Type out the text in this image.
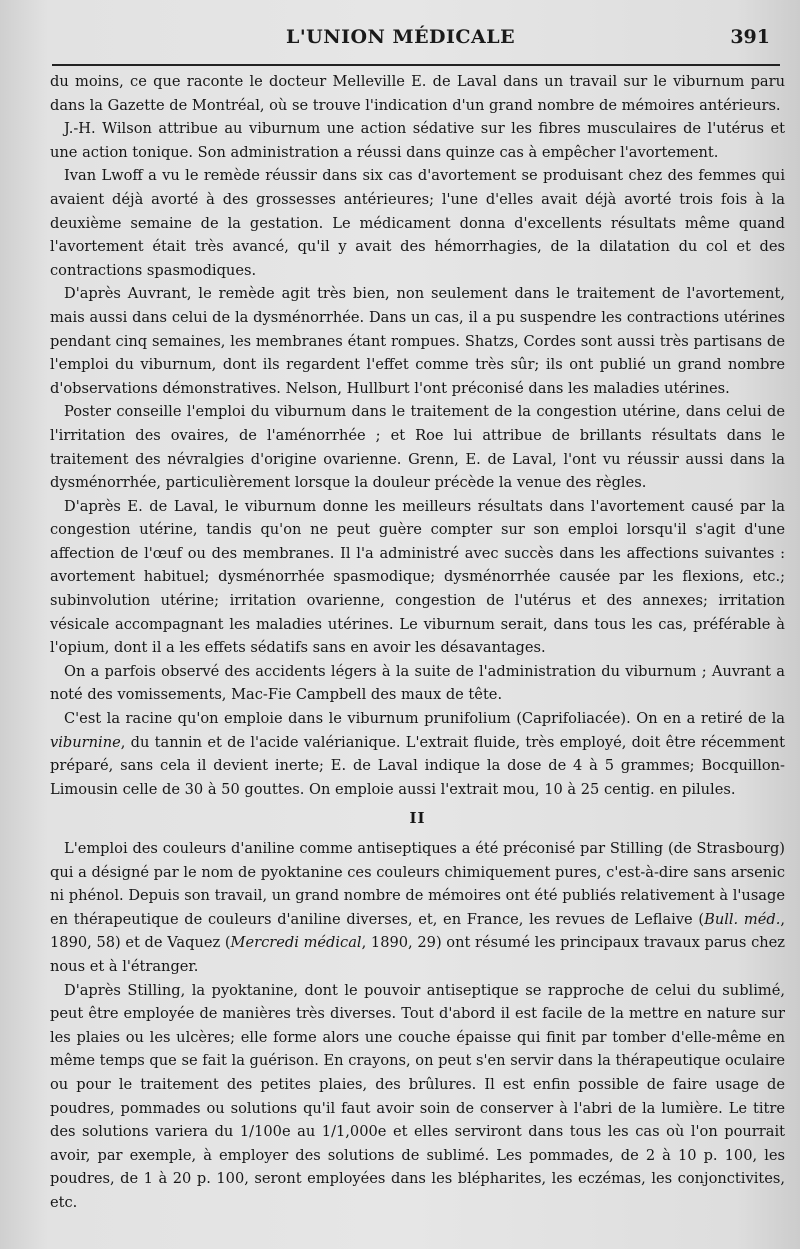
L'UNION MÉDICALE	391

du moins, ce que raconte le docteur Melleville E. de Laval dans un travail sur le viburnum paru dans la Gazette de Montréal, où se trouve l'indication d'un grand nombre de mémoires antérieurs.

J.-H. Wilson attribue au viburnum une action sédative sur les fibres musculaires de l'utérus et une action tonique. Son administration a réussi dans quinze cas à empêcher l'avortement.

Ivan Lwoff a vu le remède réussir dans six cas d'avortement se produisant chez des femmes qui avaient déjà avorté à des grossesses antérieures; l'une d'elles avait déjà avorté trois fois à la deuxième semaine de la gestation. Le médicament donna d'excellents résultats même quand l'avortement était très avancé, qu'il y avait des hémorrhagies, de la dilatation du col et des contractions spasmodiques.

D'après Auvrant, le remède agit très bien, non seulement dans le traitement de l'avortement, mais aussi dans celui de la dysménorrhée. Dans un cas, il a pu suspendre les contractions utérines pendant cinq semaines, les membranes étant rompues. Shatzs, Cordes sont aussi très partisans de l'emploi du viburnum, dont ils regardent l'effet comme très sûr; ils ont publié un grand nombre d'observations démonstratives. Nelson, Hullburt l'ont préconisé dans les maladies utérines.

Poster conseille l'emploi du viburnum dans le traitement de la congestion utérine, dans celui de l'irritation des ovaires, de l'aménorrhée ; et Roe lui attribue de brillants résultats dans le traitement des névralgies d'origine ovarienne. Grenn, E. de Laval, l'ont vu réussir aussi dans la dysménorrhée, particulièrement lorsque la douleur précède la venue des règles.

D'après E. de Laval, le viburnum donne les meilleurs résultats dans l'avortement causé par la congestion utérine, tandis qu'on ne peut guère compter sur son emploi lorsqu'il s'agit d'une affection de l'œuf ou des membranes. Il l'a administré avec succès dans les affections suivantes : avortement habituel; dysménorrhée spasmodique; dysménorrhée causée par les flexions, etc.; subinvolution utérine; irritation ovarienne, congestion de l'utérus et des annexes; irritation vésicale accompagnant les maladies utérines. Le viburnum serait, dans tous les cas, préférable à l'opium, dont il a les effets sédatifs sans en avoir les désavantages.

On a parfois observé des accidents légers à la suite de l'administration du viburnum ; Auvrant a noté des vomissements, Mac-Fie Campbell des maux de tête.

C'est la racine qu'on emploie dans le viburnum prunifolium (Caprifoliacée). On en a retiré de la viburnine, du tannin et de l'acide valérianique. L'extrait fluide, très employé, doit être récemment préparé, sans cela il devient inerte; E. de Laval indique la dose de 4 à 5 grammes; Bocquillon-Limousin celle de 30 à 50 gouttes. On emploie aussi l'extrait mou, 10 à 25 centig. en pilules.

II

L'emploi des couleurs d'aniline comme antiseptiques a été préconisé par Stilling (de Strasbourg) qui a désigné par le nom de pyoktanine ces couleurs chimiquement pures, c'est-à-dire sans arsenic ni phénol. Depuis son travail, un grand nombre de mémoires ont été publiés relativement à l'usage en thérapeutique de couleurs d'aniline diverses, et, en France, les revues de Leflaive (Bull. méd., 1890, 58) et de Vaquez (Mercredi médical, 1890, 29) ont résumé les principaux travaux parus chez nous et à l'étranger.

D'après Stilling, la pyoktanine, dont le pouvoir antiseptique se rapproche de celui du sublimé, peut être employée de manières très diverses. Tout d'abord il est facile de la mettre en nature sur les plaies ou les ulcères; elle forme alors une couche épaisse qui finit par tomber d'elle-même en même temps que se fait la guérison. En crayons, on peut s'en servir dans la thérapeutique oculaire ou pour le traitement des petites plaies, des brûlures. Il est enfin possible de faire usage de poudres, pommades ou solutions qu'il faut avoir soin de conserver à l'abri de la lumière. Le titre des solutions variera du 1/100e au 1/1,000e et elles serviront dans tous les cas où l'on pourrait avoir, par exemple, à employer des solutions de sublimé. Les pommades, de 2 à 10 p. 100, les poudres, de 1 à 20 p. 100, seront employées dans les blépharites, les eczémas, les conjonctivites, etc.
